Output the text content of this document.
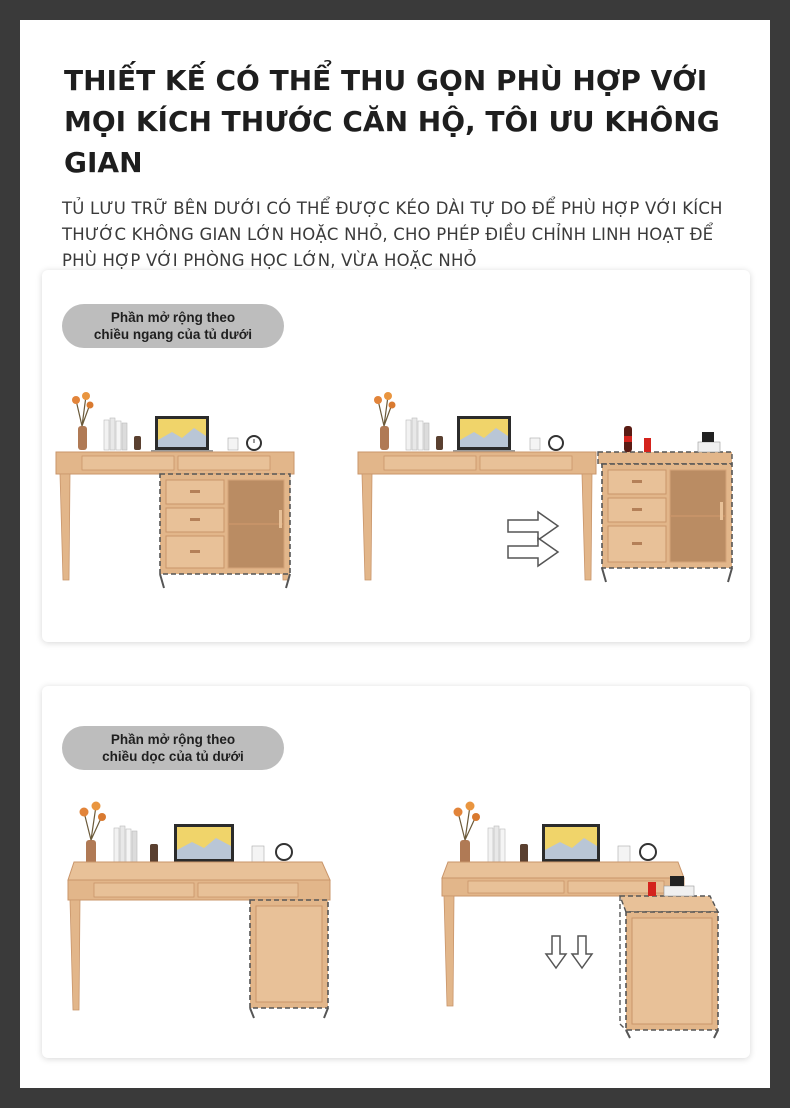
THIẾT KẾ CÓ THỂ THU GỌN PHÙ HỢP VỚI MỌI KÍCH THƯỚC CĂN HỘ, TÔI ƯU KHÔNG GIAN
TỦ LƯU TRỮ BÊN DƯỚI CÓ THỂ ĐƯỢC KÉO DÀI TỰ DO ĐỂ PHÙ HỢP VỚI KÍCH THƯỚC KHÔNG GIAN LỚN HOẶC NHỎ, CHO PHÉP ĐIỀU CHỈNH LINH HOẠT ĐỂ PHÙ HỢP VỚI PHÒNG HỌC LỚN, VỪA HOẶC NHỎ
Phần mở rộng theo
chiều ngang của tủ dưới
Phần mở rộng theo
chiều dọc của tủ dưới
